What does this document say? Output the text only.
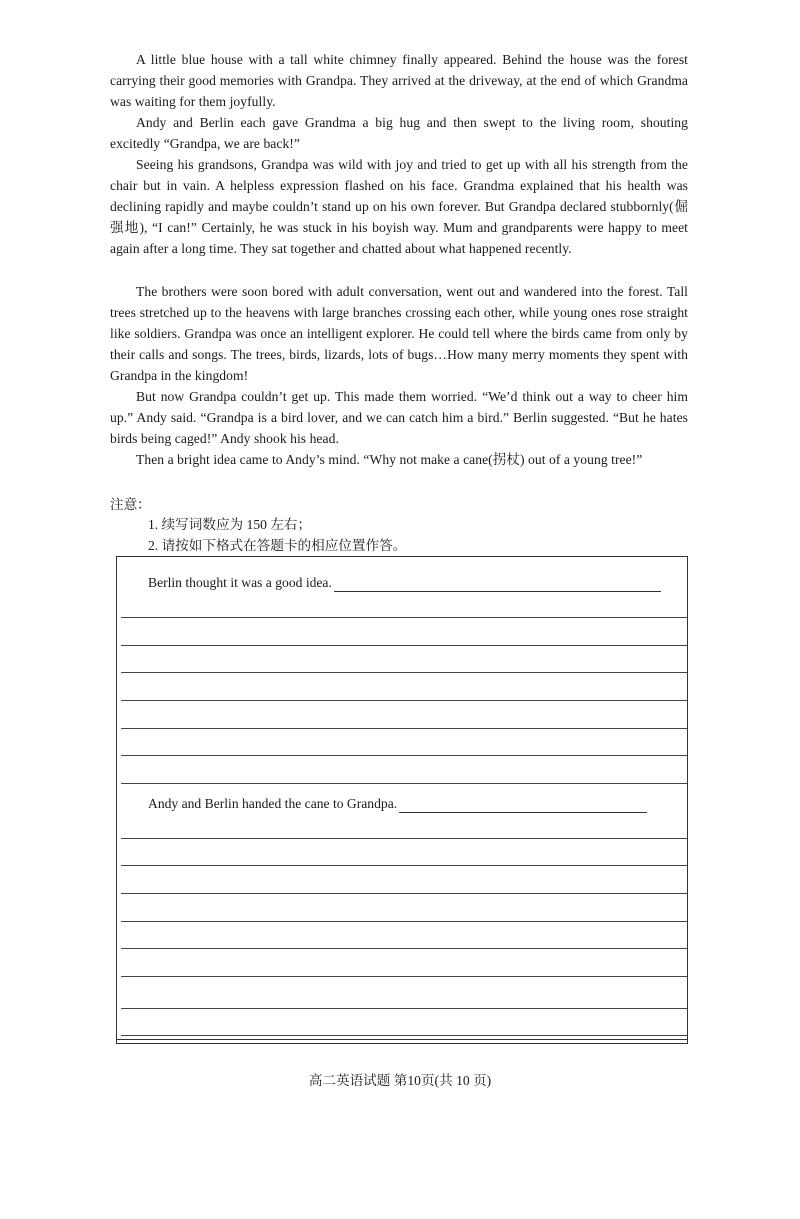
A little blue house with a tall white chimney finally appeared. Behind the house was the forest carrying their good memories with Grandpa. They arrived at the driveway, at the end of which Grandma was waiting for them joyfully.

Andy and Berlin each gave Grandma a big hug and then swept to the living room, shouting excitedly “Grandpa, we are back!”

Seeing his grandsons, Grandpa was wild with joy and tried to get up with all his strength from the chair but in vain. A helpless expression flashed on his face. Grandma explained that his health was declining rapidly and maybe couldn’t stand up on his own forever. But Grandpa declared stubbornly(倔强地), “I can!” Certainly, he was stuck in his boyish way. Mum and grandparents were happy to meet again after a long time. They sat together and chatted about what happened recently.

The brothers were soon bored with adult conversation, went out and wandered into the forest. Tall trees stretched up to the heavens with large branches crossing each other, while young ones rose straight like soldiers. Grandpa was once an intelligent explorer. He could tell where the birds came from only by their calls and songs. The trees, birds, lizards, lots of bugs…How many merry moments they spent with Grandpa in the kingdom!

But now Grandpa couldn’t get up. This made them worried. “We’d think out a way to cheer him up.” Andy said. “Grandpa is a bird lover, and we can catch him a bird.” Berlin suggested. “But he hates birds being caged!” Andy shook his head.

Then a bright idea came to Andy’s mind. “Why not make a cane(拐杖) out of a young tree!”

注意：

1. 续写词数应为 150 左右；
2. 请按如下格式在答题卡的相应位置作答。
Berlin thought it was a good idea.
Andy and Berlin handed the cane to Grandpa.

高二英语试题 第10页(共 10 页)
